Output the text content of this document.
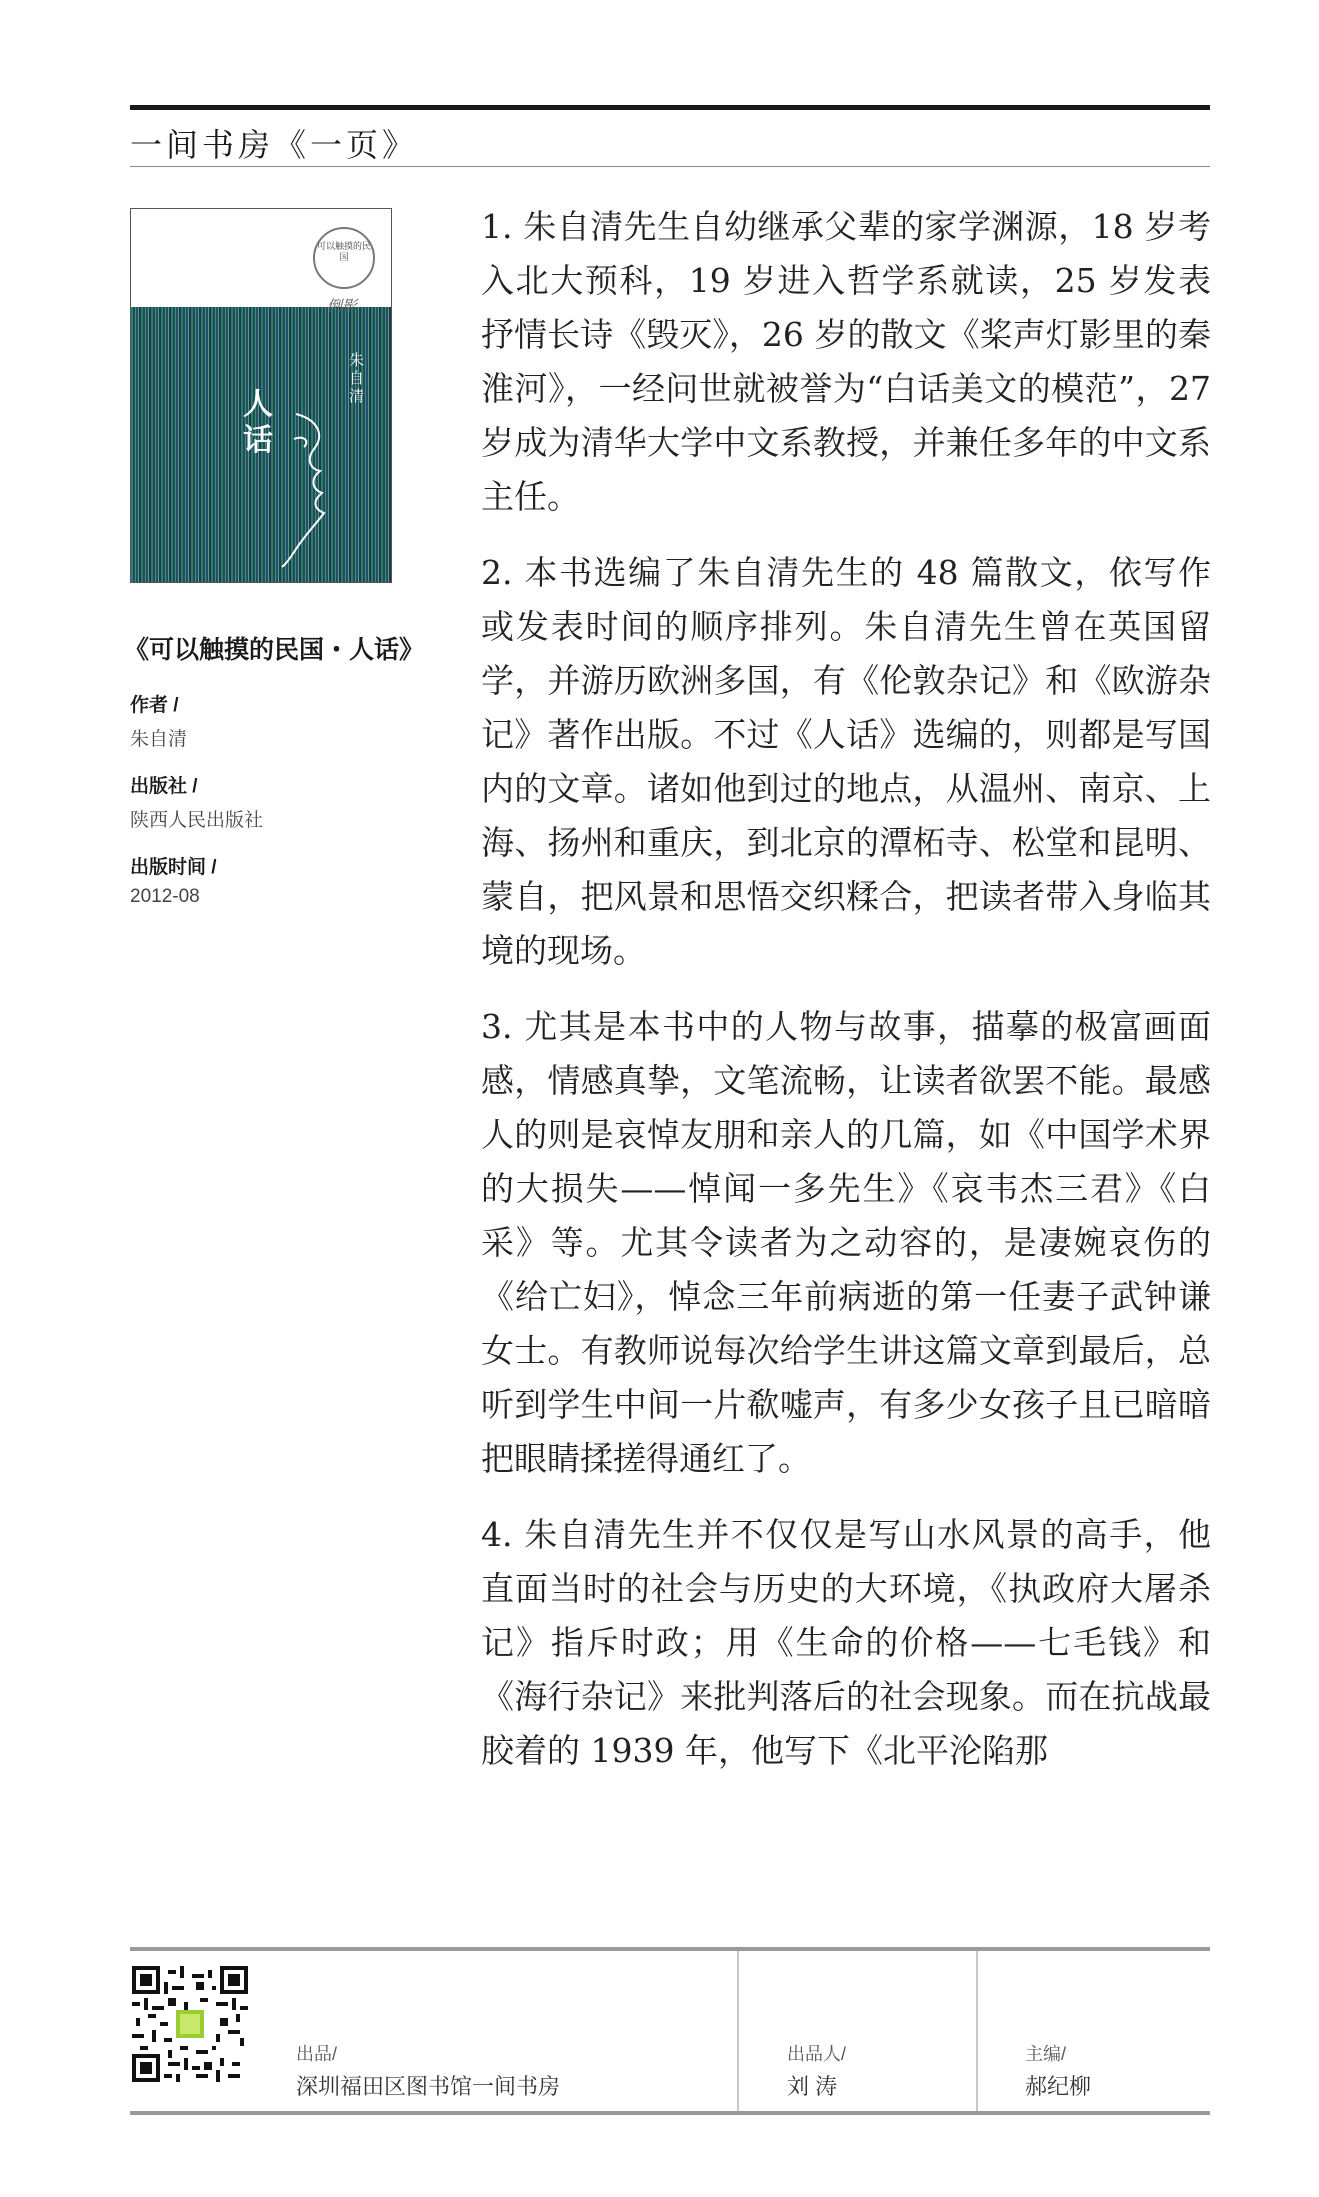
一间书房《一页》
可以触摸的民国
倒影
人话
朱自清
《可以触摸的民国・人话》
作者 /
朱自清
出版社 /
陕西人民出版社
出版时间 /
2012-08

1. 朱自清先生自幼继承父辈的家学渊源，18 岁考入北大预科，19 岁进入哲学系就读，25 岁发表抒情长诗《毁灭》，26 岁的散文《桨声灯影里的秦淮河》，一经问世就被誉为“白话美文的模范”，27 岁成为清华大学中文系教授，并兼任多年的中文系主任。

2. 本书选编了朱自清先生的 48 篇散文，依写作或发表时间的顺序排列。朱自清先生曾在英国留学，并游历欧洲多国，有《伦敦杂记》和《欧游杂记》著作出版。不过《人话》选编的，则都是写国内的文章。诸如他到过的地点，从温州、南京、上海、扬州和重庆，到北京的潭柘寺、松堂和昆明、蒙自，把风景和思悟交织糅合，把读者带入身临其境的现场。

3. 尤其是本书中的人物与故事，描摹的极富画面感，情感真挚，文笔流畅，让读者欲罢不能。最感人的则是哀悼友朋和亲人的几篇，如《中国学术界的大损失——悼闻一多先生》《哀韦杰三君》《白采》等。尤其令读者为之动容的，是凄婉哀伤的《给亡妇》，悼念三年前病逝的第一任妻子武钟谦女士。有教师说每次给学生讲这篇文章到最后，总听到学生中间一片欷嘘声，有多少女孩子且已暗暗把眼睛揉搓得通红了。

4. 朱自清先生并不仅仅是写山水风景的高手，他直面当时的社会与历史的大环境，《执政府大屠杀记》指斥时政；用《生命的价格——七毛钱》和《海行杂记》来批判落后的社会现象。而在抗战最胶着的 1939 年，他写下《北平沦陷那

出品/
深圳福田区图书馆一间书房
出品人/
刘 涛
主编/
郝纪柳
